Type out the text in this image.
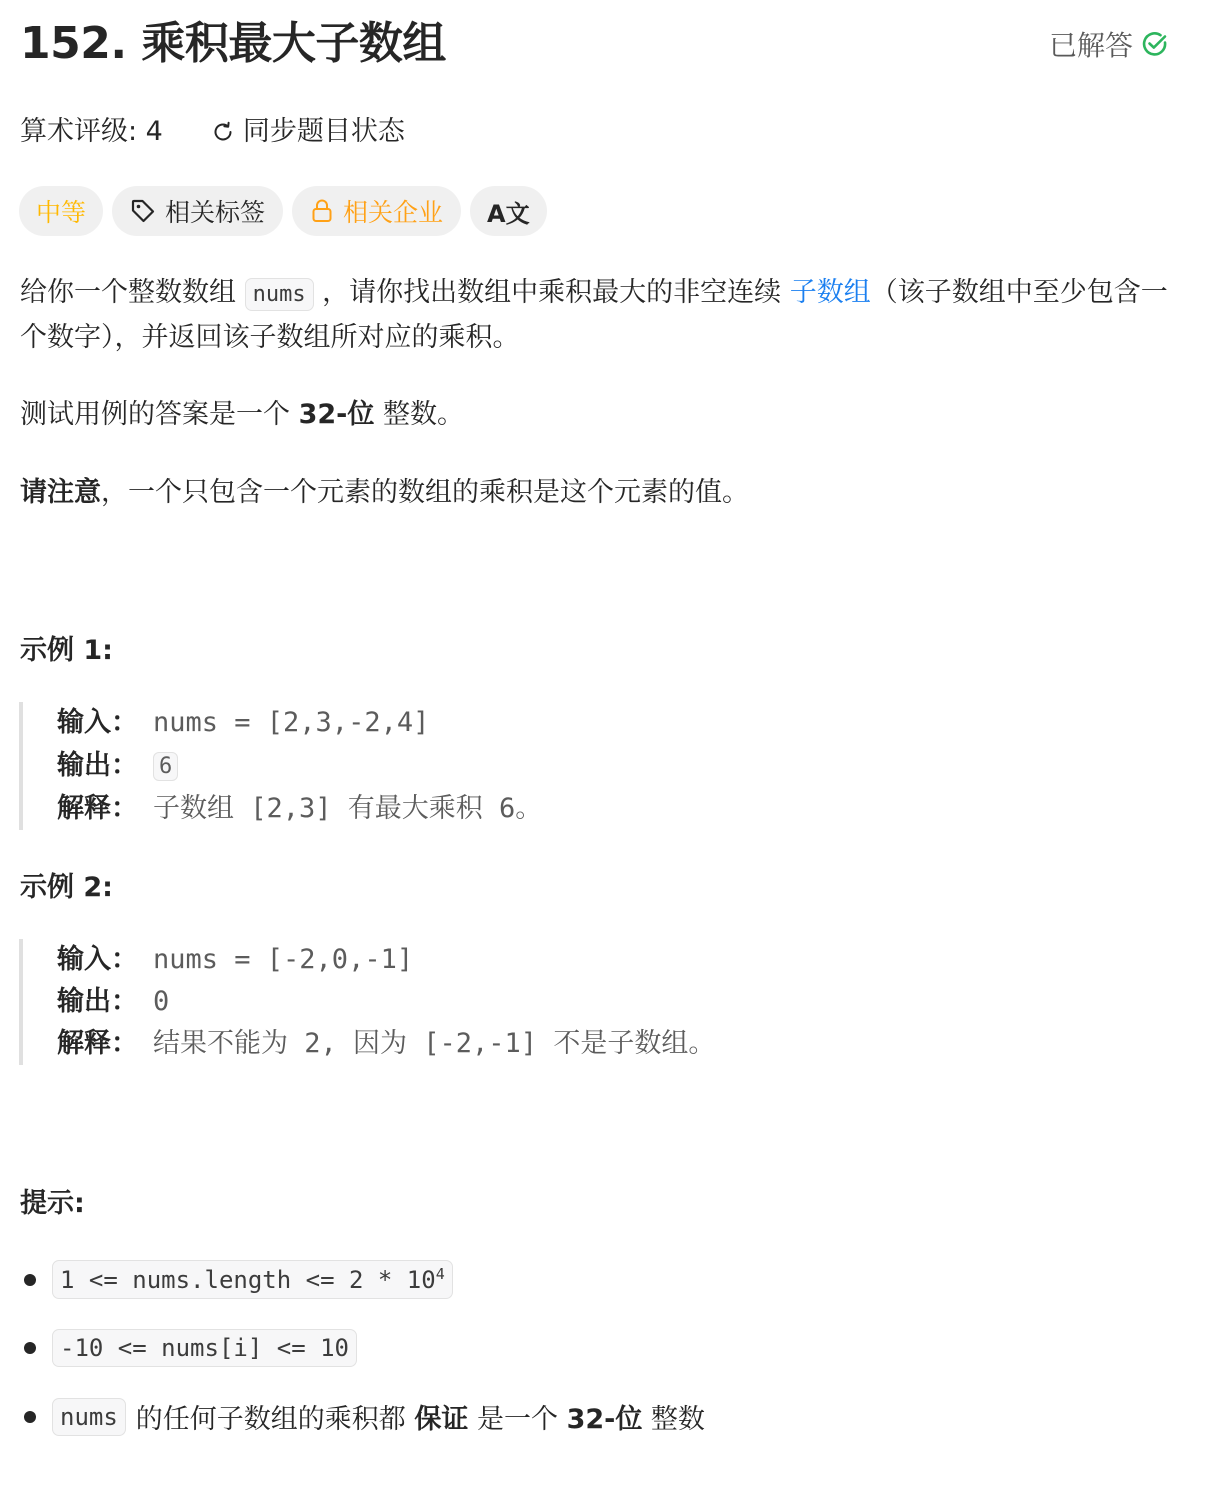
152. 乘积最大子数组	已解答
算术评级: 4	同步题目状态
中等	相关标签	相关企业 A文
给你一个整数数组 nums ，请你找出数组中乘积最大的非空连续 子数组（该子数组中至少包含一个数字），并返回该子数组所对应的乘积。
测试用例的答案是一个 32-位 整数。
请注意，一个只包含一个元素的数组的乘积是这个元素的值。
示例 1:
输入： nums = [2,3,-2,4]
输出： 6
解释： 子数组 [2,3] 有最大乘积 6。
示例 2:
输入： nums = [-2,0,-1]
输出： 0
解释： 结果不能为 2, 因为 [-2,-1] 不是子数组。
提示:
1 <= nums.length <= $2 * 10^4$
-10 <= nums[i] <= 10
nums 的任何子数组的乘积都 保证 是一个 32-位 整数
